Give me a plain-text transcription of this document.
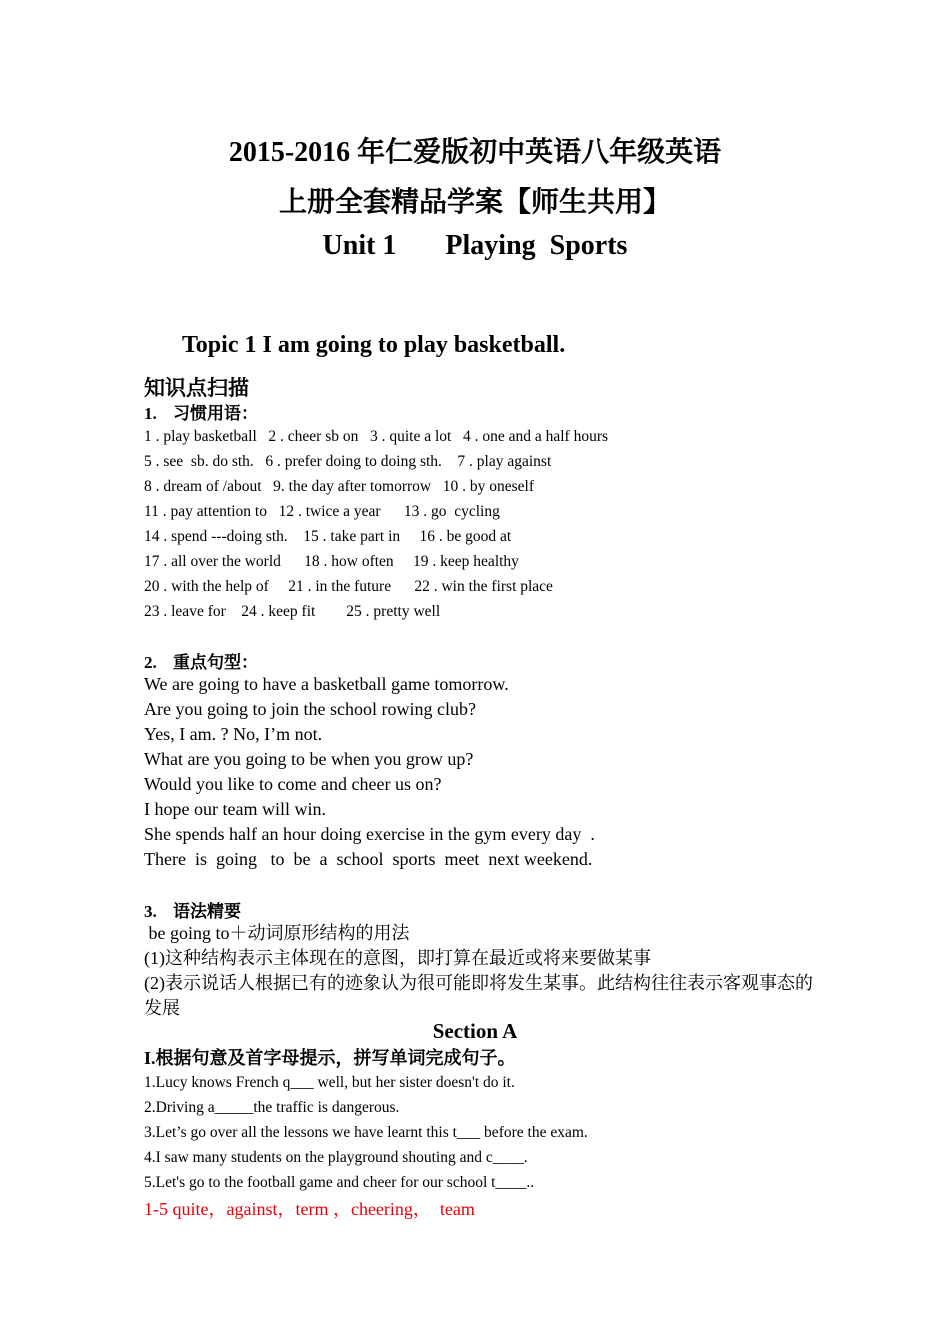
2015-2016 年仁爱版初中英语八年级英语
上册全套精品学案【师生共用】
Unit 1       Playing  Sports
Topic 1 I am going to play basketball.
知识点扫描
1. 习惯用语：
1 . play basketball   2 . cheer sb on   3 . quite a lot   4 . one and a half hours
5 . see  sb. do sth.   6 . prefer doing to doing sth.    7 . play against
8 . dream of /about   9. the day after tomorrow   10 . by oneself
11 . pay attention to   12 . twice a year      13 . go  cycling
14 . spend ---doing sth.    15 . take part in     16 . be good at
17 . all over the world      18 . how often     19 . keep healthy
20 . with the help of     21 . in the future      22 . win the first place
23 . leave for    24 . keep fit        25 . pretty well
2. 重点句型：
We are going to have a basketball game tomorrow.
Are you going to join the school rowing club?
Yes, I am. ? No, I’m not.
What are you going to be when you grow up?
Would you like to come and cheer us on?
I hope our team will win.
She spends half an hour doing exercise in the gym every day  .
There  is  going   to  be  a  school  sports  meet  next weekend.
3. 语法精要
be going to＋动词原形结构的用法
(1)这种结构表示主体现在的意图，即打算在最近或将来要做某事
(2)表示说话人根据已有的迹象认为很可能即将发生某事。此结构往往表示客观事态的发展
Section A
I.根据句意及首字母提示，拼写单词完成句子。
1.Lucy knows French q___ well, but her sister doesn't do it.
2.Driving a_____the traffic is dangerous.
3.Let’s go over all the lessons we have learnt this t___ before the exam.
4.I saw many students on the playground shouting and c____.
5.Let's go to the football game and cheer for our school t____..
1-5 quite，against，term ，cheering，  team
